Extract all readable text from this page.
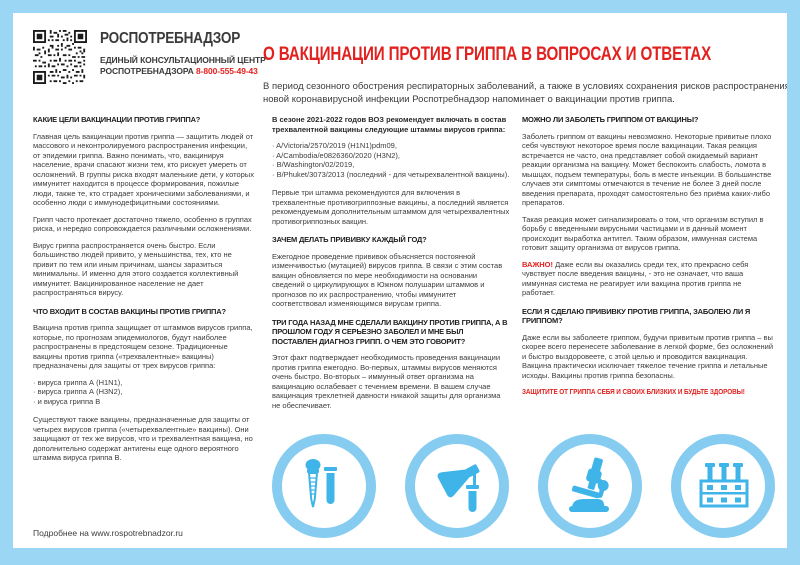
РОСПОТРЕБНАДЗОР
ЕДИНЫЙ КОНСУЛЬТАЦИОННЫЙ ЦЕНТР
РОСПОТРЕБНАДЗОРА 8-800-555-49-43
О ВАКЦИНАЦИИ ПРОТИВ ГРИППА В ВОПРОСАХ И ОТВЕТАХ

В период сезонного обострения респираторных заболеваний, а также в условиях сохранения рисков распространения
новой коронавирусной инфекции Роспотребнадзор напоминает о вакцинации против гриппа.

КАКИЕ ЦЕЛИ ВАКЦИНАЦИИ ПРОТИВ ГРИППА?

Главная цель вакцинации против гриппа — защитить людей от массового и неконтролируемого распространения инфекции, от эпидемии гриппа. Важно понимать, что, вакцинируя население, врачи спасают жизни тем, кто рискует умереть от осложнений. В группы риска входят маленькие дети, у которых иммунитет находится в процессе формирования, пожилые люди, также те, кто страдает хроническими заболеваниями, и особенно люди с иммунодефицитными состояниями.

Грипп часто протекает достаточно тяжело, особенно в группах риска, и нередко сопровождается различными осложнениями.

Вирус гриппа распространяется очень быстро. Если большинство людей привито, у меньшинства, тех, кто не привит по тем или иным причинам, шансы заразиться минимальны. И именно для этого создается коллективный иммунитет. Вакцинированное население не дает распространяться вирусу.

ЧТО ВХОДИТ В СОСТАВ ВАКЦИНЫ ПРОТИВ ГРИППА?

Вакцина против гриппа защищает от штаммов вирусов гриппа, которые, по прогнозам эпидемиологов, будут наиболее распространены в предстоящем сезоне. Традиционные вакцины против гриппа («трехвалентные» вакцины) предназначены для защиты от трех вирусов гриппа:

· вируса гриппа А (H1N1),
· вируса гриппа А (H3N2),
· и вируса гриппа В

Существуют также вакцины, предназначенные для защиты от четырех вирусов гриппа («четырехвалентные» вакцины). Они защищают от тех же вирусов, что и трехвалентная вакцина, но дополнительно содержат антигены еще одного вероятного штамма вируса гриппа В.

В сезоне 2021-2022 годов ВОЗ рекомендует включать в состав трехвалентной вакцины следующие штаммы вирусов гриппа:

· A/Victoria/2570/2019 (H1N1)pdm09,
· A/Cambodia/e0826360/2020 (H3N2),
· B/Washington/02/2019,
· B/Phuket/3073/2013 (последний - для четырехвалентной вакцины).

Первые три штамма рекомендуются для включения в трехвалентные противогриппозные вакцины, а последний является рекомендуемым дополнительным штаммом для четырехвалентных противогриппозных вакцин.

ЗАЧЕМ ДЕЛАТЬ ПРИВИВКУ КАЖДЫЙ ГОД?

Ежегодное проведение прививок объясняется постоянной изменчивостью (мутацией) вирусов гриппа. В связи с этим состав вакцин обновляется по мере необходимости на основании сведений о циркулирующих в Южном полушарии штаммов и прогнозов по их распространению, чтобы иммунитет соответствовал изменяющимся вирусам гриппа.

ТРИ ГОДА НАЗАД МНЕ СДЕЛАЛИ ВАКЦИНУ ПРОТИВ ГРИППА, А В ПРОШЛОМ ГОДУ Я СЕРЬЕЗНО ЗАБОЛЕЛ И МНЕ БЫЛ ПОСТАВЛЕН ДИАГНОЗ ГРИПП. О ЧЕМ ЭТО ГОВОРИТ?

Этот факт подтверждает необходимость проведения вакцинации против гриппа ежегодно. Во-первых, штаммы вирусов меняются очень быстро. Во-вторых – иммунный ответ организма на вакцинацию ослабевает с течением времени. В вашем случае вакцинация трехлетней давности никакой защиты для организма не обеспечивает.

МОЖНО ЛИ ЗАБОЛЕТЬ ГРИППОМ ОТ ВАКЦИНЫ?

Заболеть гриппом от вакцины невозможно. Некоторые привитые плохо себя чувствуют некоторое время после вакцинации. Такая реакция встречается не часто, она представляет собой ожидаемый вариант реакции организма на вакцину. Может беспокоить слабость, ломота в мышцах, подъем температуры, боль в месте инъекции. В большинстве случаев эти симптомы отмечаются в течение не более 3 дней после введения препарата, проходят самостоятельно без приёма каких-либо препаратов.

Такая реакция может сигнализировать о том, что организм вступил в борьбу с введенными вирусными частицами и в данный момент происходит выработка антител. Таким образом, иммунная система готовит защиту организма от вирусов гриппа.

ВАЖНО! Даже если вы оказались среди тех, кто прекрасно себя чувствует после введения вакцины, - это не означает, что ваша иммунная система не реагирует или вакцина против гриппа не работает.

ЕСЛИ Я СДЕЛАЮ ПРИВИВКУ ПРОТИВ ГРИППА, ЗАБОЛЕЮ ЛИ Я ГРИППОМ?

Даже если вы заболеете гриппом, будучи привитым против гриппа – вы скорее всего перенесете заболевание в легкой форме, без осложнений и быстро выздоровеете, с этой целью и проводится вакцинация. Вакцина практически исключает тяжелое течение гриппа и летальные исходы. Вакцины против гриппа безопасны.

ЗАЩИТИТЕ ОТ ГРИППА СЕБЯ И СВОИХ БЛИЗКИХ И БУДЬТЕ ЗДОРОВЫ!
Подробнее на www.rospotrebnadzor.ru
